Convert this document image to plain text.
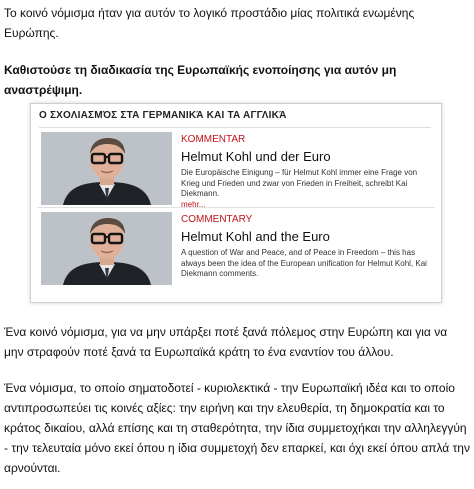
Το κοινό νόμισμα ήταν για αυτόν το λογικό προστάδιο μίας πολιτικά ενωμένης Ευρώπης.

Καθιστούσε τη διαδικασία της Ευρωπαϊκής ενοποίησης για αυτόν μη αναστρέψιμη.

Ο ΣΧΟΛΙΑΣΜΌΣ ΣΤΑ ΓΕΡΜΑΝΙΚΆ ΚΑΙ ΤΑ ΑΓΓΛΙΚΆ
KOMMENTAR
Helmut Kohl und der Euro
Die Europäische Einigung – für Helmut Kohl immer eine Frage von Krieg und Frieden und zwar von Frieden in Freiheit, schreibt Kai Diekmann.
mehr...
COMMENTARY
Helmut Kohl and the Euro
A question of War and Peace, and of Peace in Freedom – this has always been the idea of the European unification for Helmut Kohl, Kai Diekmann comments.

Ένα κοινό νόμισμα, για να μην υπάρξει ποτέ ξανά πόλεμος στην Ευρώπη και για να μην στραφούν ποτέ ξανά τα Ευρωπαϊκά κράτη το ένα εναντίον του άλλου.

Ένα νόμισμα, το οποίο σηματοδοτεί - κυριολεκτικά - την Ευρωπαϊκή ιδέα και το οποίο αντιπροσωπεύει τις κοινές αξίες: την ειρήνη και την ελευθερία, τη δημοκρατία και το κράτος δικαίου, αλλά επίσης και τη σταθερότητα, την ίδια συμμετοχήκαι την αλληλεγγύη - την τελευταία μόνο εκεί όπου η ίδια συμμετοχή δεν επαρκεί, και όχι εκεί όπου απλά την αρνούνται.
